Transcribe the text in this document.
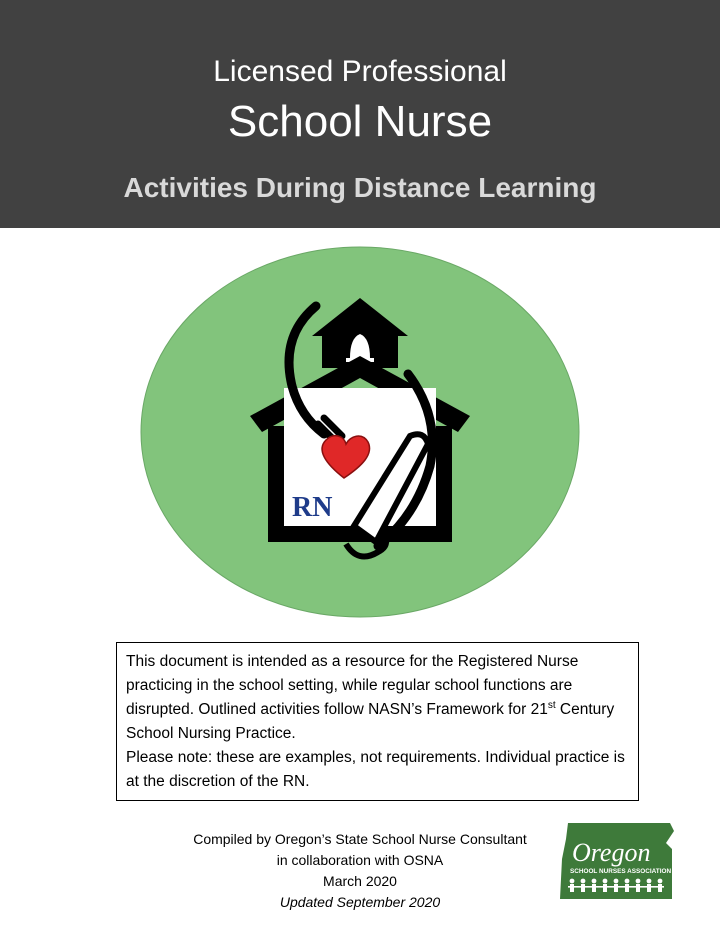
Licensed Professional
School Nurse
Activities During Distance Learning
RN

This document is intended as a resource for the Registered Nurse practicing in the school setting, while regular school functions are disrupted. Outlined activities follow NASN’s Framework for 21st Century School Nursing Practice.

Please note: these are examples, not requirements. Individual practice is at the discretion of the RN.

Compiled by Oregon’s State School Nurse Consultant
in collaboration with OSNA
March 2020
Updated September 2020
Oregon
SCHOOL NURSES ASSOCIATION
